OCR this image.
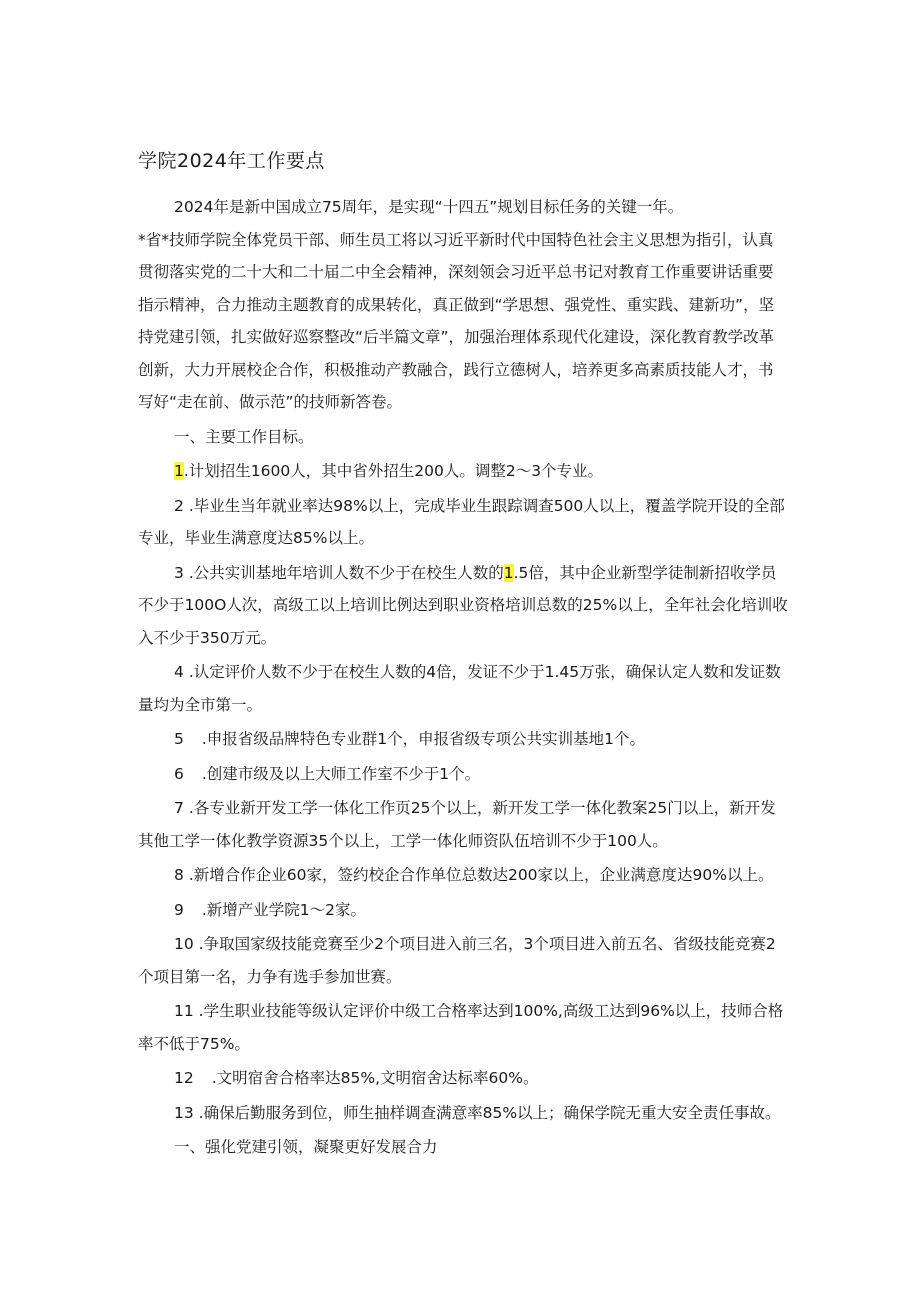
学院2024年工作要点

2024年是新中国成立75周年，是实现“十四五”规划目标任务的关键一年。

*省*技师学院全体党员干部、师生员工将以习近平新时代中国特色社会主义思想为指引，认真贯彻落实党的二十大和二十届二中全会精神，深刻领会习近平总书记对教育工作重要讲话重要指示精神，合力推动主题教育的成果转化，真正做到“学思想、强党性、重实践、建新功”，坚持党建引领，扎实做好巡察整改“后半篇文章”，加强治理体系现代化建设，深化教育教学改革创新，大力开展校企合作，积极推动产教融合，践行立德树人，培养更多高素质技能人才，书写好“走在前、做示范”的技师新答卷。

一、主要工作目标。

1.计划招生1600人，其中省外招生200人。调整2～3个专业。

2 .毕业生当年就业率达98%以上，完成毕业生跟踪调查500人以上，覆盖学院开设的全部专业，毕业生满意度达85%以上。

3 .公共实训基地年培训人数不少于在校生人数的1.5倍，其中企业新型学徒制新招收学员不少于100O人次，高级工以上培训比例达到职业资格培训总数的25%以上，全年社会化培训收入不少于350万元。

4 .认定评价人数不少于在校生人数的4倍，发证不少于1.45万张，确保认定人数和发证数量均为全市第一。

5 .申报省级品牌特色专业群1个，申报省级专项公共实训基地1个。

6 .创建市级及以上大师工作室不少于1个。

7 .各专业新开发工学一体化工作页25个以上，新开发工学一体化教案25门以上，新开发其他工学一体化教学资源35个以上，工学一体化师资队伍培训不少于100人。

8 .新增合作企业60家，签约校企合作单位总数达200家以上，企业满意度达90%以上。

9 .新增产业学院1～2家。

10 .争取国家级技能竞赛至少2个项目进入前三名，3个项目进入前五名、省级技能竞赛2个项目第一名，力争有选手参加世赛。

11 .学生职业技能等级认定评价中级工合格率达到100%,高级工达到96%以上，技师合格率不低于75%。

12 .文明宿舍合格率达85%,文明宿舍达标率60%。

13 .确保后勤服务到位，师生抽样调查满意率85%以上；确保学院无重大安全责任事故。

一、强化党建引领，凝聚更好发展合力
